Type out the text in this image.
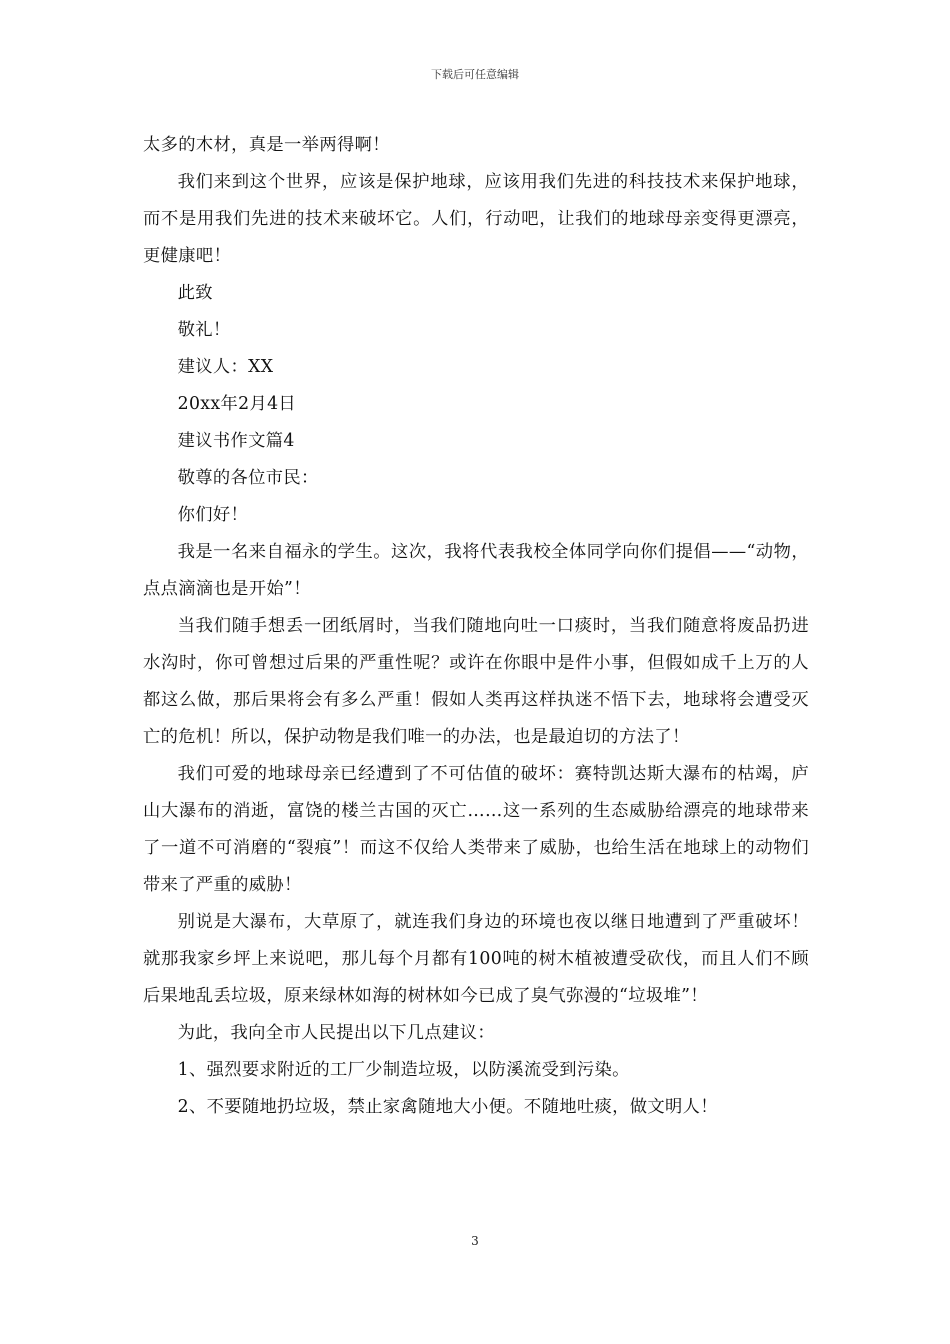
下载后可任意编辑

太多的木材，真是一举两得啊！

我们来到这个世界，应该是保护地球，应该用我们先进的科技技术来保护地球，而不是用我们先进的技术来破坏它。人们，行动吧，让我们的地球母亲变得更漂亮，更健康吧！

此致

敬礼！

建议人：XX

20xx年2月4日

建议书作文篇4

敬尊的各位市民：

你们好！

我是一名来自福永的学生。这次，我将代表我校全体同学向你们提倡——“动物，点点滴滴也是开始”！

当我们随手想丢一团纸屑时，当我们随地向吐一口痰时，当我们随意将废品扔进水沟时，你可曾想过后果的严重性呢？或许在你眼中是件小事，但假如成千上万的人都这么做，那后果将会有多么严重！假如人类再这样执迷不悟下去，地球将会遭受灭亡的危机！所以，保护动物是我们唯一的办法，也是最迫切的方法了！

我们可爱的地球母亲已经遭到了不可估值的破坏：赛特凯达斯大瀑布的枯竭，庐山大瀑布的消逝，富饶的楼兰古国的灭亡……这一系列的生态威胁给漂亮的地球带来了一道不可消磨的“裂痕”！而这不仅给人类带来了威胁，也给生活在地球上的动物们带来了严重的威胁！

别说是大瀑布，大草原了，就连我们身边的环境也夜以继日地遭到了严重破坏！就那我家乡坪上来说吧，那儿每个月都有100吨的树木植被遭受砍伐，而且人们不顾后果地乱丢垃圾，原来绿林如海的树林如今已成了臭气弥漫的“垃圾堆”！

为此，我向全市人民提出以下几点建议：

1、强烈要求附近的工厂少制造垃圾，以防溪流受到污染。

2、不要随地扔垃圾，禁止家禽随地大小便。不随地吐痰，做文明人！

3
